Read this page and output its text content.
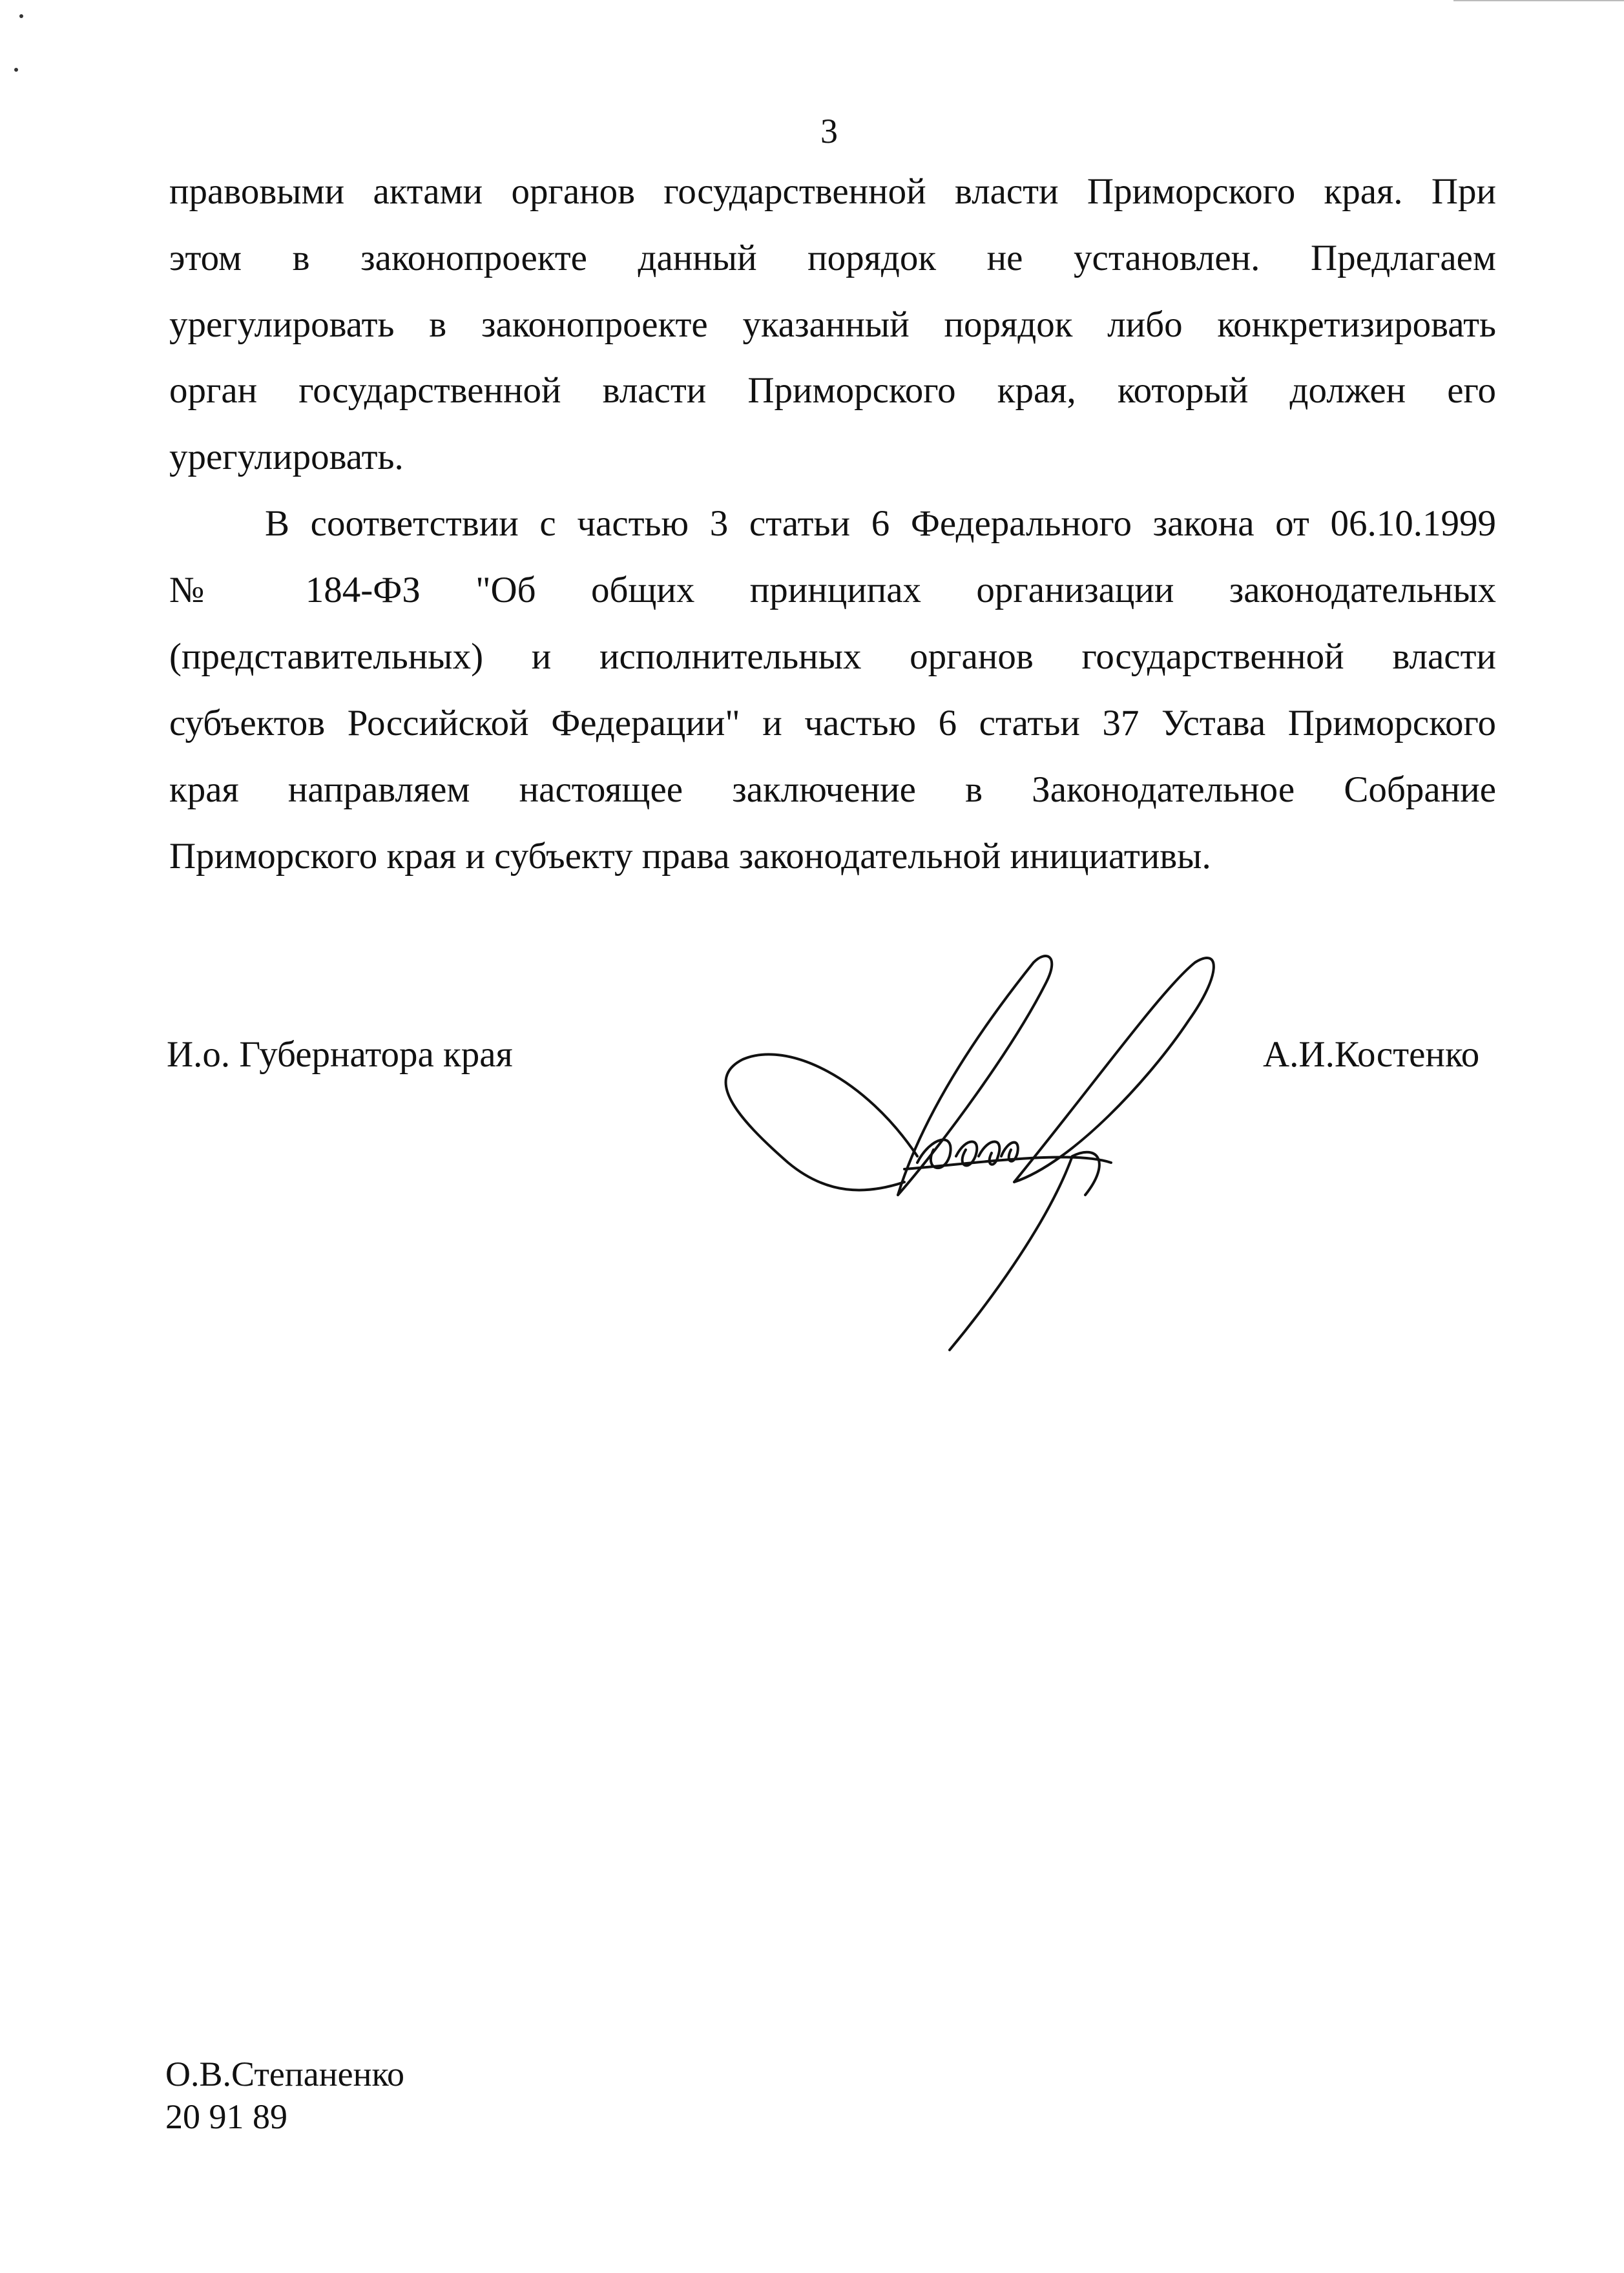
3
правовыми актами органов государственной власти Приморского края. При
этом в законопроекте данный порядок не установлен. Предлагаем
урегулировать в законопроекте указанный порядок либо конкретизировать
орган государственной власти Приморского края, который должен его
урегулировать.
В соответствии с частью 3 статьи 6 Федерального закона от 06.10.1999
№ 184-ФЗ "Об общих принципах организации законодательных
(представительных) и исполнительных органов государственной власти
субъектов Российской Федерации" и частью 6 статьи 37 Устава Приморского
края направляем настоящее заключение в Законодательное Собрание
Приморского края и субъекту права законодательной инициативы.
И.о. Губернатора края	А.И.Костенко
О.В.Степаненко
20 91 89
